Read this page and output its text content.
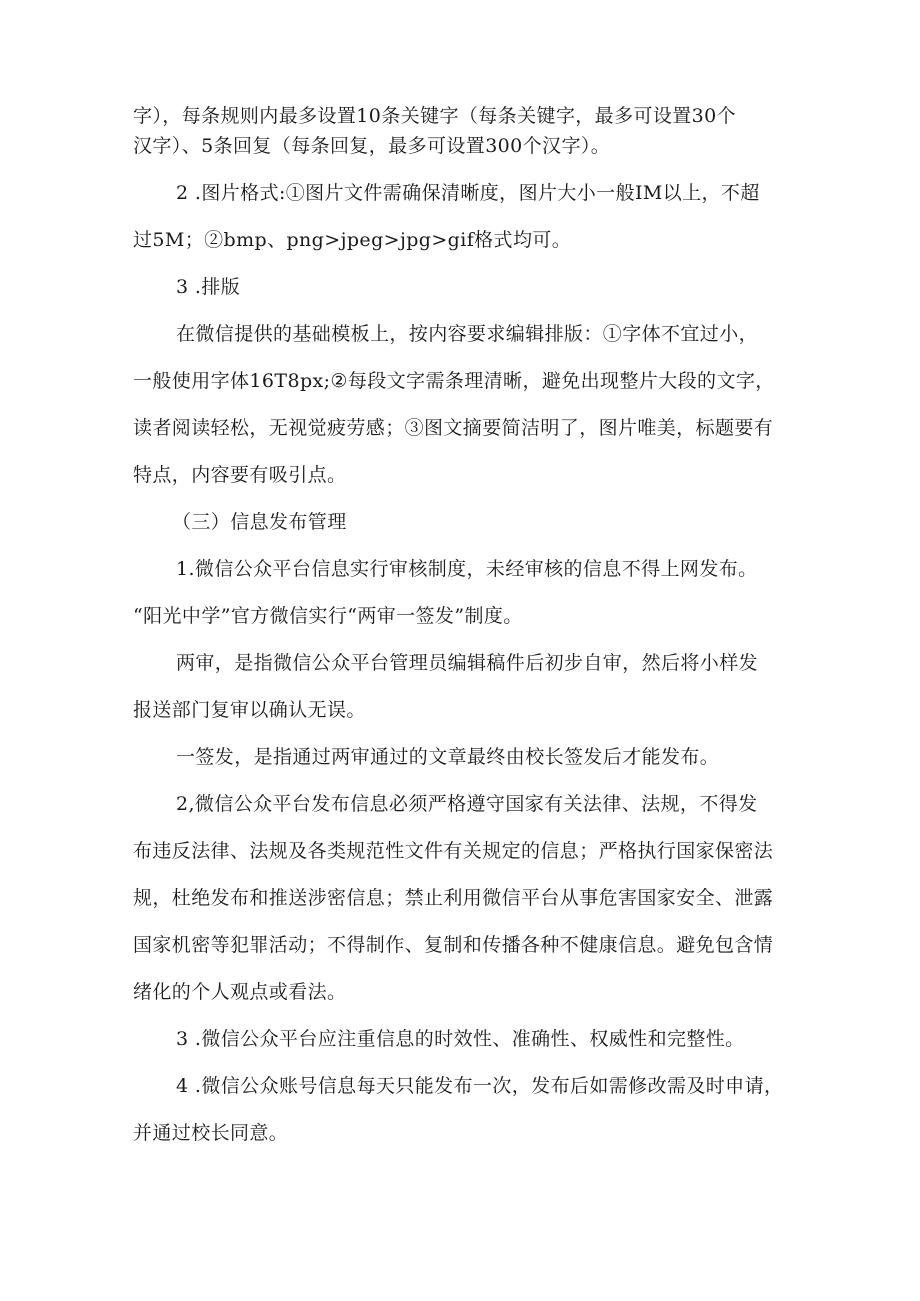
字），每条规则内最多设置10条关键字（每条关键字，最多可设置30个
汉字）、5条回复（每条回复，最多可设置300个汉字）。
2 .图片格式:①图片文件需确保清晰度，图片大小一般IM以上，不超
过5M；②bmp、png>jpeg>jpg>gif格式均可。
3 .排版
在微信提供的基础模板上，按内容要求编辑排版：①字体不宜过小，
一般使用字体16T8px;②每段文字需条理清晰，避免出现整片大段的文字，
读者阅读轻松，无视觉疲劳感；③图文摘要简洁明了，图片唯美，标题要有
特点，内容要有吸引点。
（三）信息发布管理
1.微信公众平台信息实行审核制度，未经审核的信息不得上网发布。
“阳光中学”官方微信实行“两审一签发”制度。
两审，是指微信公众平台管理员编辑稿件后初步自审，然后将小样发
报送部门复审以确认无误。
一签发，是指通过两审通过的文章最终由校长签发后才能发布。
2,微信公众平台发布信息必须严格遵守国家有关法律、法规，不得发
布违反法律、法规及各类规范性文件有关规定的信息；严格执行国家保密法
规，杜绝发布和推送涉密信息；禁止利用微信平台从事危害国家安全、泄露
国家机密等犯罪活动；不得制作、复制和传播各种不健康信息。避免包含情
绪化的个人观点或看法。
3 .微信公众平台应注重信息的时效性、准确性、权威性和完整性。
4 .微信公众账号信息每天只能发布一次，发布后如需修改需及时申请，
并通过校长同意。
